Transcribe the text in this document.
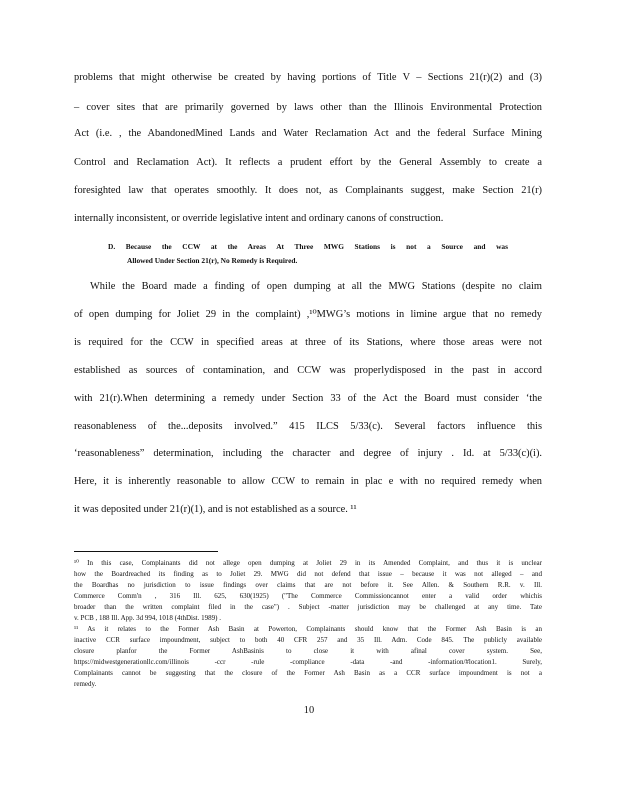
problems that might otherwise be created by having portions of Title V – Sections 21(r)(2) and (3)
– cover sites that are primarily governed by laws other than the Illinois Environmental Protection
Act (i.e. , the AbandonedMined Lands and Water Reclamation Act and the federal Surface Mining
Control and Reclamation Act). It reflects a prudent effort by the General Assembly to create a
foresighted law that operates smoothly. It does not, as Complainants suggest, make Section 21(r)
internally inconsistent, or override legislative intent and ordinary canons of construction.
D. Because the CCW at the Areas At Three MWG Stations is not a Source and was
Allowed Under Section 21(r), No Remedy is Required.
While the Board made a finding of open dumping at all the MWG Stations (despite no claim
of open dumping for Joliet 29 in the complaint) ,¹⁰MWG’s motions in limine argue that no remedy
is required for the CCW in specified areas at three of its Stations, where those areas were not
established as sources of contamination, and CCW was properlydisposed in the past in accord
with 21(r).When determining a remedy under Section 33 of the Act the Board must consider ‘the
reasonableness of the...deposits involved.” 415 ILCS 5/33(c). Several factors influence this
‘reasonableness” determination, including the character and degree of injury . Id. at 5/33(c)(i).
Here, it is inherently reasonable to allow CCW to remain in plac e with no required remedy when
it was deposited under 21(r)(1), and is not established as a source. ¹¹
¹⁰ In this case, Complainants did not allege open dumping at Joliet 29 in its Amended Complaint, and thus it is unclear
how the Boardreached its finding as to Joliet 29. MWG did not defend that issue – because it was not alleged – and
the Boardhas no jurisdiction to issue findings over claims that are not before it. See Allen. & Southern R.R. v. Ill.
Commerce Comm'n , 316 Ill. 625, 630(1925) ("The Commerce Commissioncannot enter a valid order whichis
broader than the written complaint filed in the case") . Subject -matter jurisdiction may be challenged at any time. Tate
v. PCB , 188 Ill. App. 3d 994, 1018 (4thDist. 1989) .
¹¹ As it relates to the Former Ash Basin at Powerton, Complainants should know that the Former Ash Basin is an
inactive CCR surface impoundment, subject to both 40 CFR 257 and 35 Ill. Adm. Code 845. The publicly available
closure planfor the Former AshBasinis to close it with afinal cover system. See,
https://midwestgenerationllc.com/illinois -ccr -rule -compliance -data -and -information/#location1. Surely,
Complainants cannot be suggesting that the closure of the Former Ash Basin as a CCR surface impoundment is not a
remedy.
10
